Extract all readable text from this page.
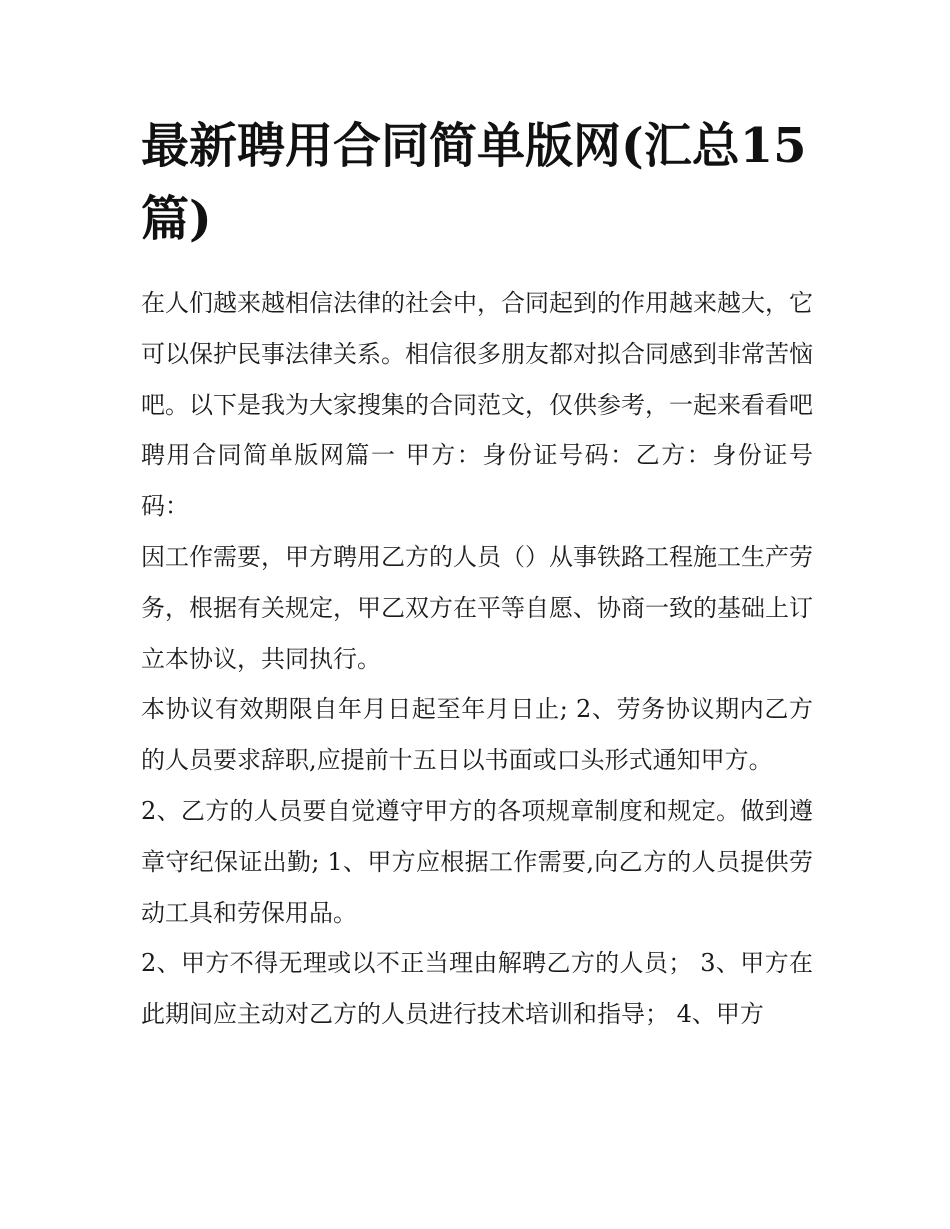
最新聘用合同简单版网(汇总15篇)

在人们越来越相信法律的社会中，合同起到的作用越来越大，它可以保护民事法律关系。相信很多朋友都对拟合同感到非常苦恼吧。以下是我为大家搜集的合同范文，仅供参考，一起来看看吧

聘用合同简单版网篇一 甲方：身份证号码：乙方：身份证号码：

因工作需要，甲方聘用乙方的人员（）从事铁路工程施工生产劳务，根据有关规定，甲乙双方在平等自愿、协商一致的基础上订立本协议，共同执行。

本协议有效期限自年月日起至年月日止; 2、劳务协议期内乙方的人员要求辞职,应提前十五日以书面或口头形式通知甲方。

2、乙方的人员要自觉遵守甲方的各项规章制度和规定。做到遵章守纪保证出勤; 1、甲方应根据工作需要,向乙方的人员提供劳动工具和劳保用品。

2、甲方不得无理或以不正当理由解聘乙方的人员； 3、甲方在此期间应主动对乙方的人员进行技术培训和指导； 4、甲方
